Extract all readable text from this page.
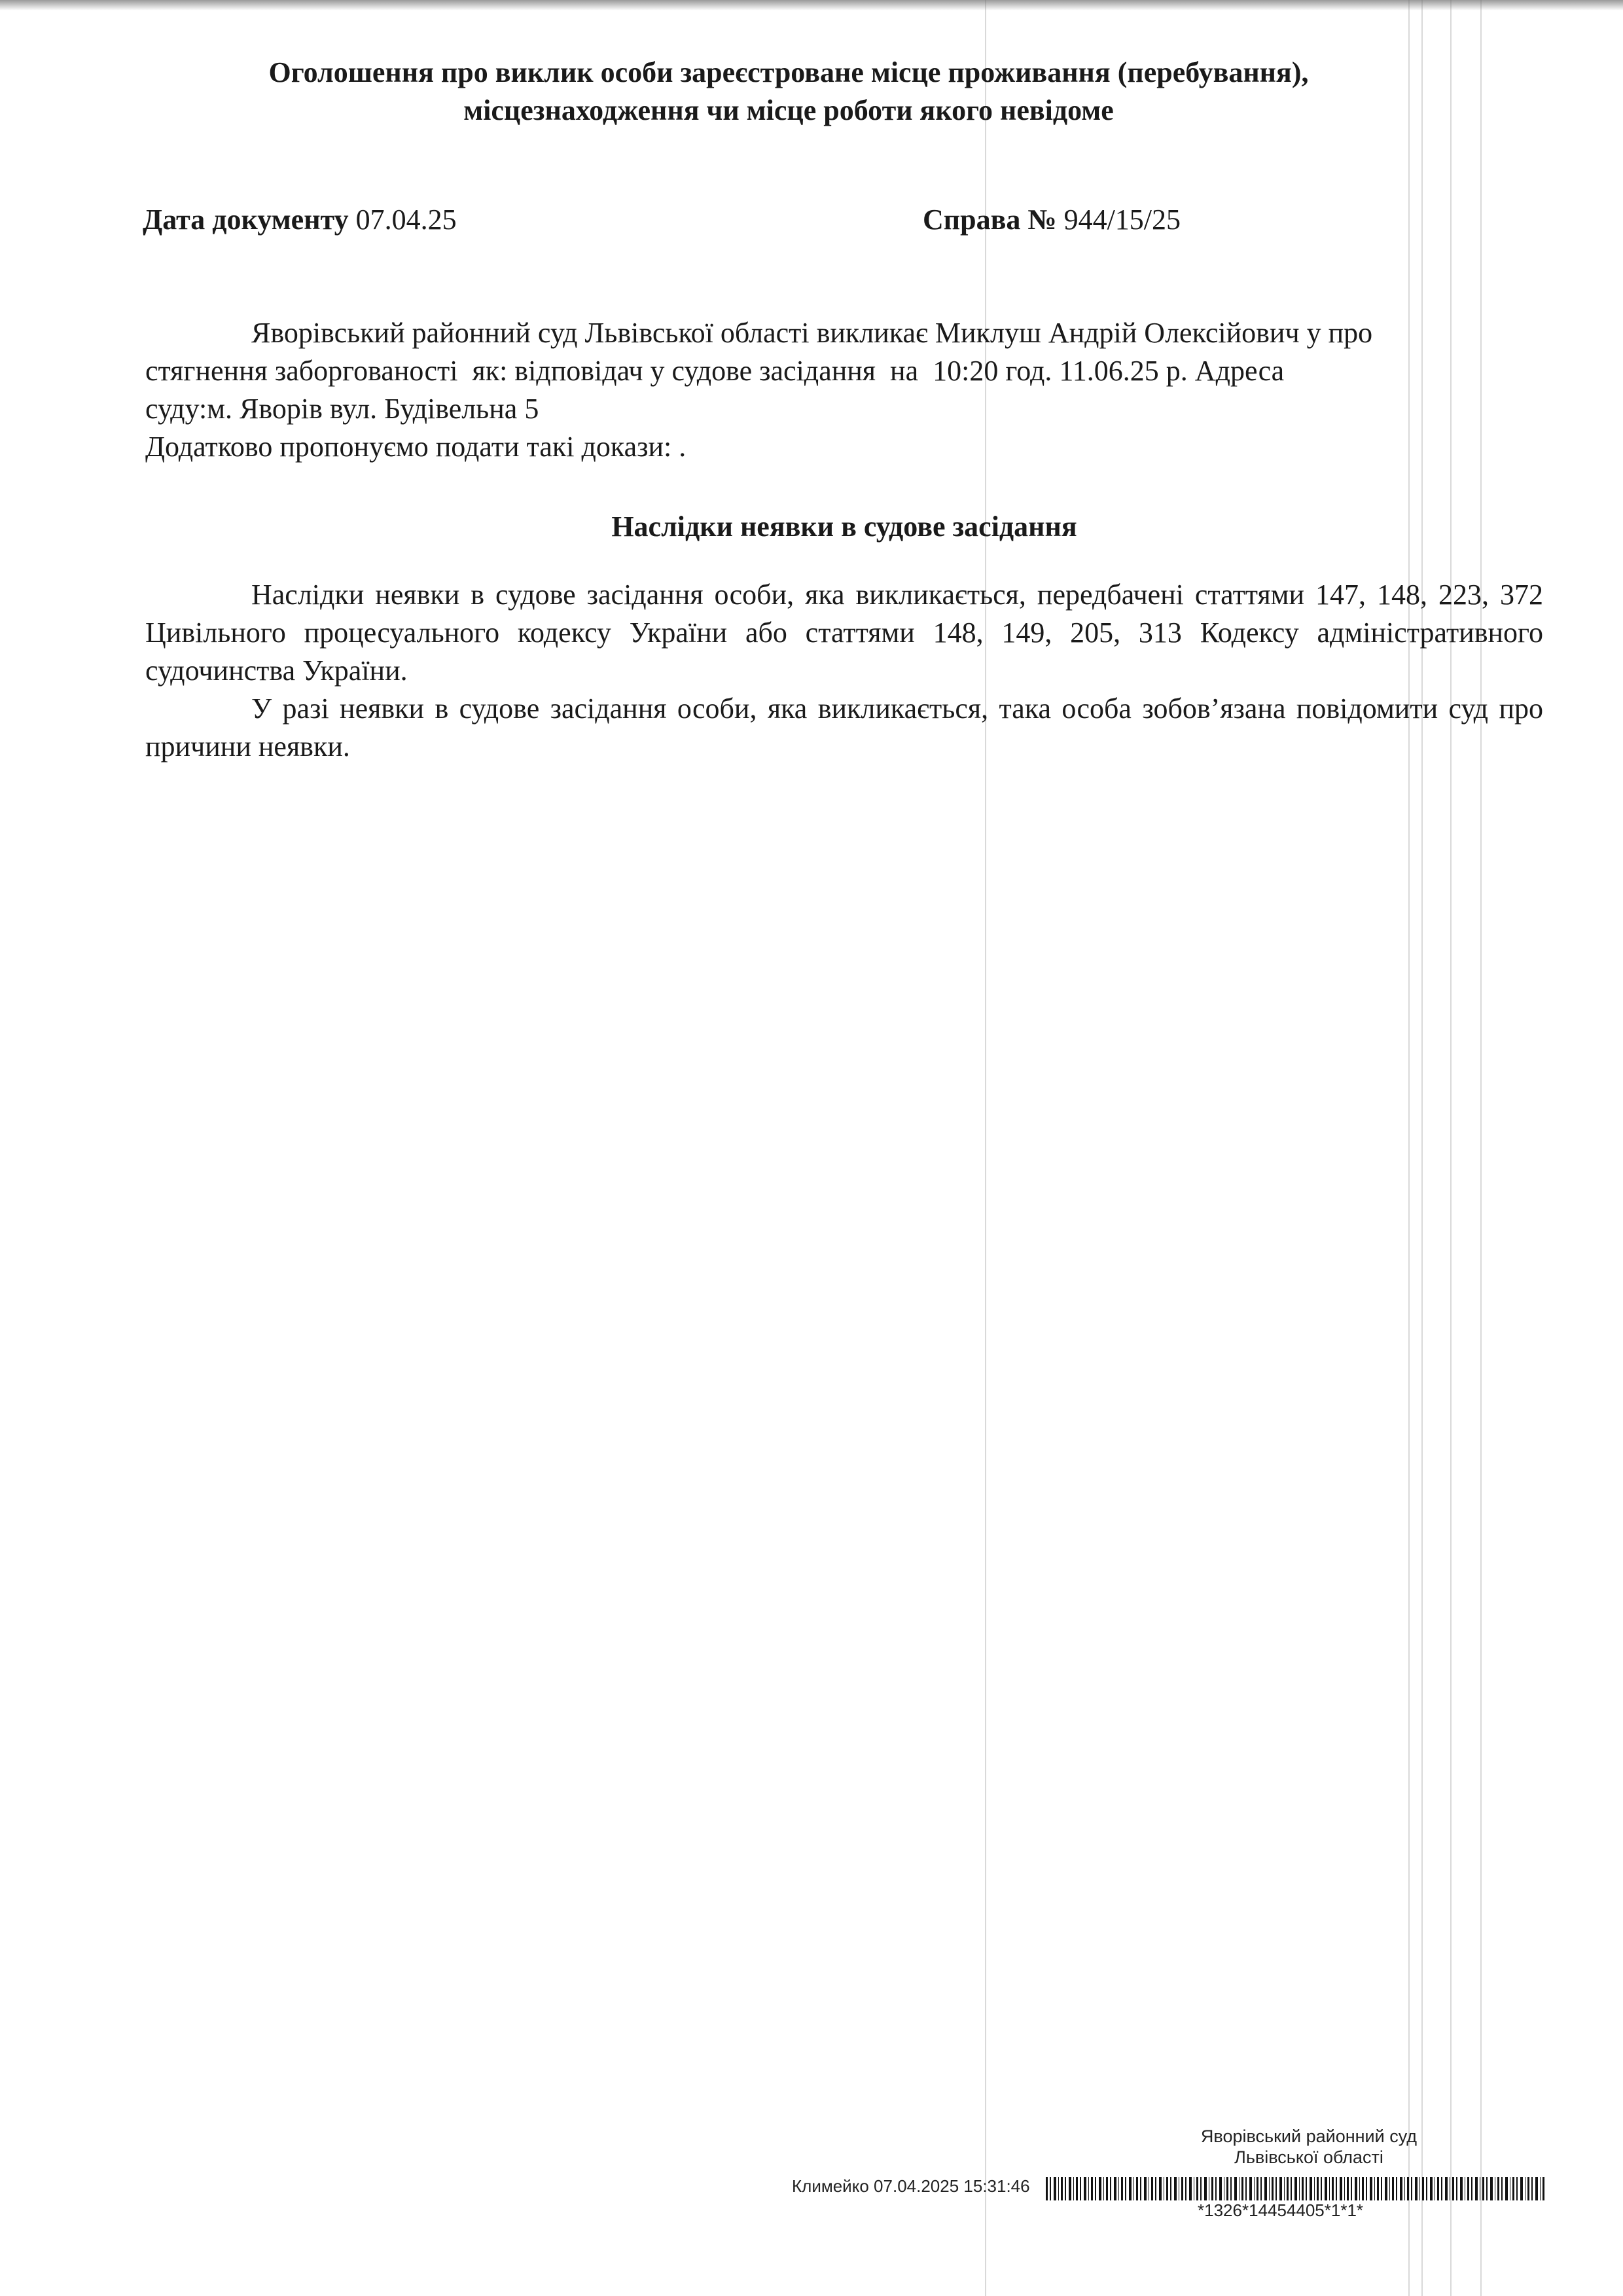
Оголошення про виклик особи зареєстроване місце проживання (перебування),
місцезнаходження чи місце роботи якого невідоме
Дата документу 07.04.25	Справа № 944/15/25
Яворівський районний суд Львівської області викликає Миклуш Андрій Олексійович у про
стягнення заборгованості  як: відповідач у судове засідання  на  10:20 год. 11.06.25 р. Адреса
суду:м. Яворів вул. Будівельна 5
Додатково пропонуємо подати такі докази: .
Наслідки неявки в судове засідання
Наслідки неявки в судове засідання особи, яка викликається, передбачені статтями 147, 148, 223, 372 Цивільного процесуального кодексу України або статтями 148, 149, 205, 313 Кодексу адміністративного судочинства України.
У разі неявки в судове засідання особи, яка викликається, така особа зобов’язана повідомити суд про причини неявки.
Яворівський районний суд
Львівської області
Климейко 07.04.2025 15:31:46
*1326*14454405*1*1*
